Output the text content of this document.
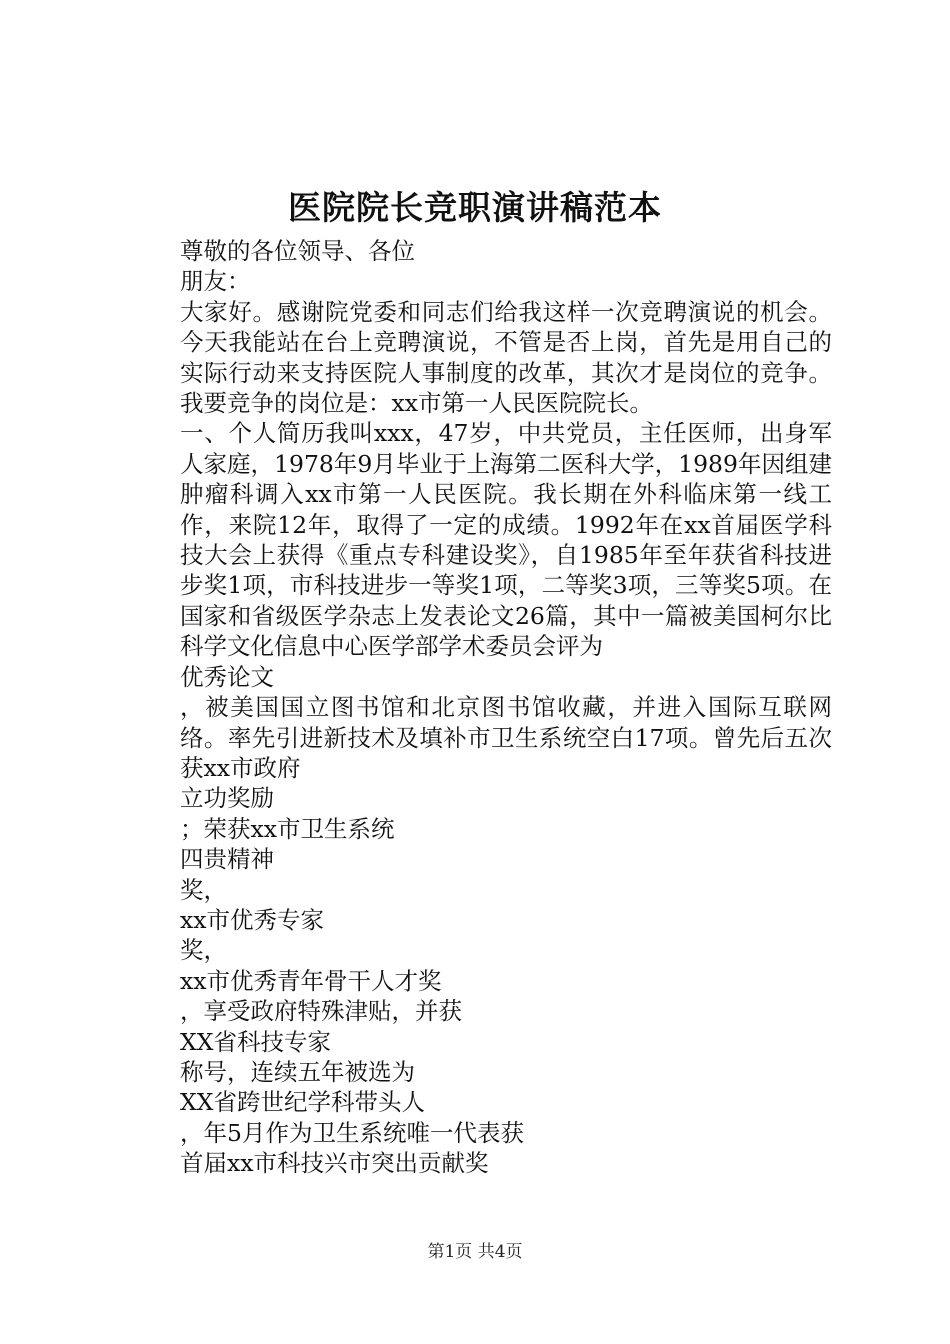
医院院长竞职演讲稿范本

尊敬的各位领导、各位

朋友：

大家好。感谢院党委和同志们给我这样一次竞聘演说的机会。今天我能站在台上竞聘演说，不管是否上岗，首先是用自己的实际行动来支持医院人事制度的改革，其次才是岗位的竞争。我要竞争的岗位是：xx市第一人民医院院长。

一、个人简历我叫xxx，47岁，中共党员，主任医师，出身军人家庭，1978年9月毕业于上海第二医科大学，1989年因组建肿瘤科调入xx市第一人民医院。我长期在外科临床第一线工作，来院12年，取得了一定的成绩。1992年在xx首届医学科技大会上获得《重点专科建设奖》，自1985年至年获省科技进步奖1项，市科技进步一等奖1项，二等奖3项，三等奖5项。在国家和省级医学杂志上发表论文26篇，其中一篇被美国柯尔比科学文化信息中心医学部学术委员会评为

优秀论文

，被美国国立图书馆和北京图书馆收藏，并进入国际互联网络。率先引进新技术及填补市卫生系统空白17项。曾先后五次获xx市政府

立功奖励

；荣获xx市卫生系统

四贵精神

奖，

xx市优秀专家

奖，

xx市优秀青年骨干人才奖

，享受政府特殊津贴，并获

XX省科技专家

称号，连续五年被选为

XX省跨世纪学科带头人

，年5月作为卫生系统唯一代表获

首届xx市科技兴市突出贡献奖

第1页 共4页
